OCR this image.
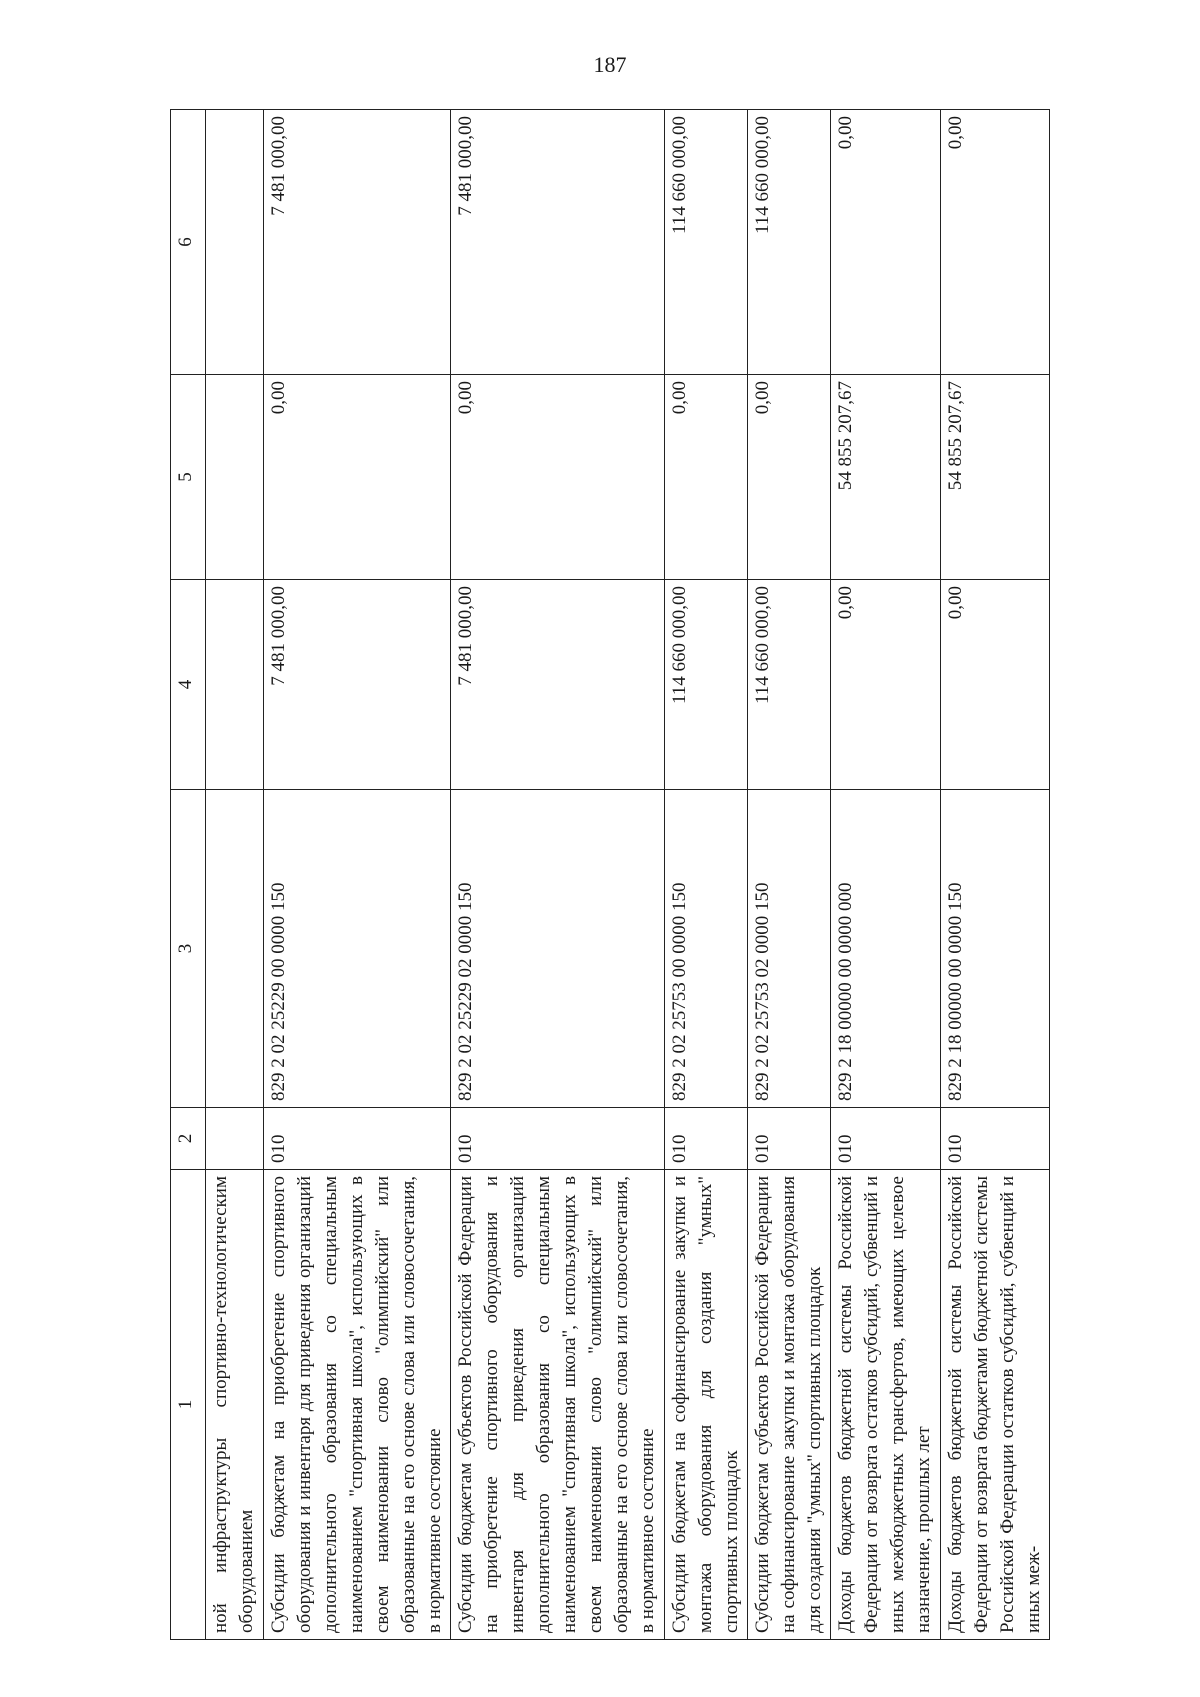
187
1	2	3	4	5	6
ной инфраструктуры спортивно-технологическим оборудованием					
Субсидии бюджетам на приобретение спортивного оборудования и инвентаря для приведения организаций дополнительного образования со специальным наименованием "спортивная школа", использующих в своем наименовании слово "олимпийский" или образованные на его основе слова или словосочетания, в нормативное состояние	010	829 2 02 25229 00 0000 150	7 481 000,00	0,00	7 481 000,00
Субсидии бюджетам субъектов Российской Федерации на приобретение спортивного оборудования и инвентаря для приведения организаций дополнительного образования со специальным наименованием "спортивная школа", использующих в своем наименовании слово "олимпийский" или образованные на его основе слова или словосочетания, в нормативное состояние	010	829 2 02 25229 02 0000 150	7 481 000,00	0,00	7 481 000,00
Субсидии бюджетам на софинансирование закупки и монтажа оборудования для создания "умных" спортивных площадок	010	829 2 02 25753 00 0000 150	114 660 000,00	0,00	114 660 000,00
Субсидии бюджетам субъектов Российской Федерации на софинансирование закупки и монтажа оборудования для создания "умных" спортивных площадок	010	829 2 02 25753 02 0000 150	114 660 000,00	0,00	114 660 000,00
Доходы бюджетов бюджетной системы Российской Федерации от возврата остатков субсидий, субвенций и иных межбюджетных трансфертов, имеющих целевое назначение, прошлых лет	010	829 2 18 00000 00 0000 000	0,00	54 855 207,67	0,00
Доходы бюджетов бюджетной системы Российской Федерации от возврата бюджетами бюджетной системы Российской Федерации остатков субсидий, субвенций и иных меж-	010	829 2 18 00000 00 0000 150	0,00	54 855 207,67	0,00
